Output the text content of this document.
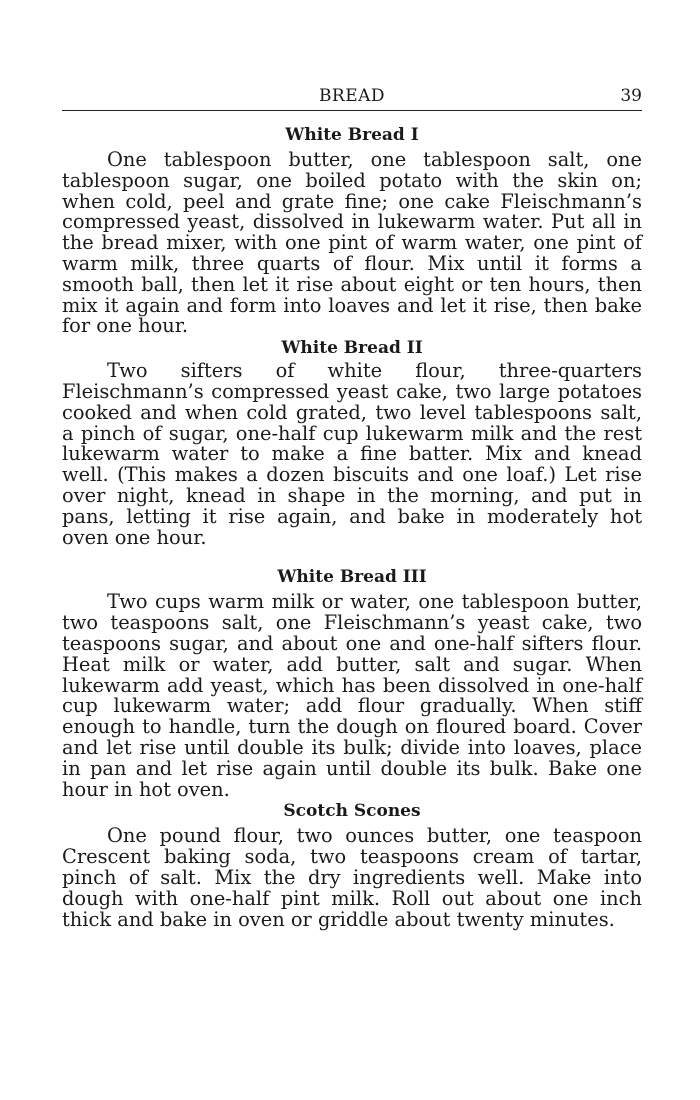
BREAD	39
White Bread I

One tablespoon butter, one tablespoon salt, one tablespoon sugar, one boiled potato with the skin on; when cold, peel and grate fine; one cake Fleischmann’s compressed yeast, dissolved in lukewarm water. Put all in the bread mixer, with one pint of warm water, one pint of warm milk, three quarts of flour. Mix until it forms a smooth ball, then let it rise about eight or ten hours, then mix it again and form into loaves and let it rise, then bake for one hour.

White Bread II

Two sifters of white flour, three-quarters Fleischmann’s compressed yeast cake, two large potatoes cooked and when cold grated, two level tablespoons salt, a pinch of sugar, one-half cup lukewarm milk and the rest lukewarm water to make a fine batter. Mix and knead well. (This makes a dozen biscuits and one loaf.) Let rise over night, knead in shape in the morning, and put in pans, letting it rise again, and bake in moderately hot oven one hour.

White Bread III

Two cups warm milk or water, one tablespoon butter, two teaspoons salt, one Fleischmann’s yeast cake, two teaspoons sugar, and about one and one-half sifters flour. Heat milk or water, add butter, salt and sugar. When lukewarm add yeast, which has been dissolved in one-half cup lukewarm water; add flour gradually. When stiff enough to handle, turn the dough on floured board. Cover and let rise until double its bulk; divide into loaves, place in pan and let rise again until double its bulk. Bake one hour in hot oven.

Scotch Scones

One pound flour, two ounces butter, one teaspoon Crescent baking soda, two teaspoons cream of tartar, pinch of salt. Mix the dry ingredients well. Make into dough with one-half pint milk. Roll out about one inch thick and bake in oven or griddle about twenty minutes.
